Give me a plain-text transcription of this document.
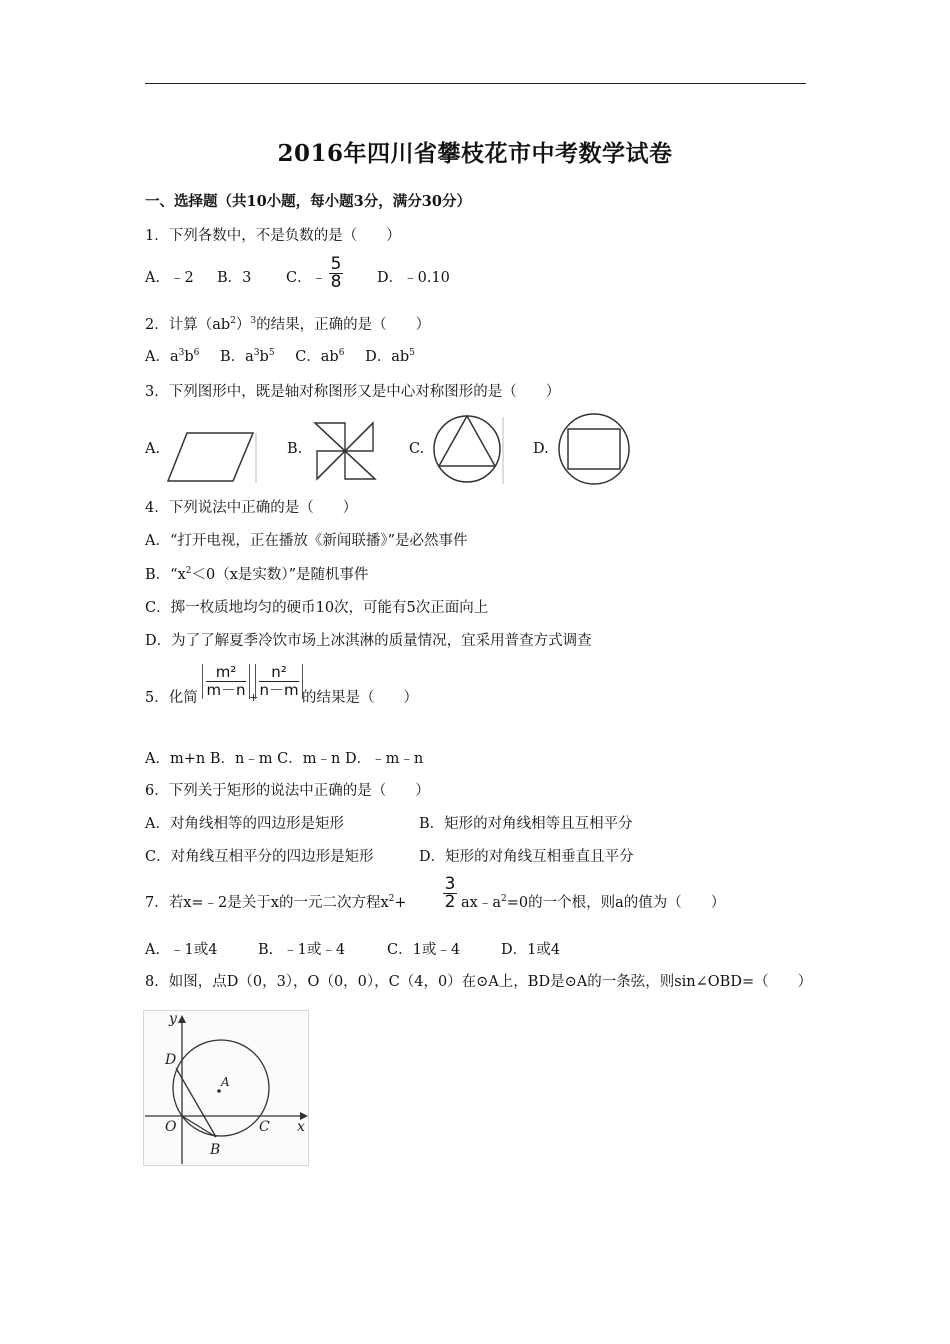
2016年四川省攀枝花市中考数学试卷
一、选择题（共10小题，每小题3分，满分30分）
1．下列各数中，不是负数的是（　　）
A．﹣2 B．3 C．﹣
5
8 D．﹣0.10
2．计算$(ab^2)^3$的结果，正确的是（　　）
A．$a^3b^6$ B．$a^3b^5$ C．$ab^6$ D．$ab^5$
3．下列图形中，既是轴对称图形又是中心对称图形的是（　　）
A.	B.	C.	D.
4．下列说法中正确的是（　　）
A．“打开电视，正在播放《新闻联播》”是必然事件
B．“$x^2<0(x$是实数）”是随机事件
C．掷一枚质地均匀的硬币10次，可能有5次正面向上
D．为了了解夏季冷饮市场上冰淇淋的质量情况，宜采用普查方式调查
5．化简
m²
m－n +
n²
n－m 的结果是（　　）
A．m+n B．n﹣m C．m﹣n D．﹣m﹣n
6．下列关于矩形的说法中正确的是（　　）
A．对角线相等的四边形是矩形	B．矩形的对角线相等且互相平分
C．对角线互相平分的四边形是矩形	D．矩形的对角线互相垂直且平分
7．若x=﹣2是关于x的一元二次方程$x^2+$
3
2 $ax﹣a^2=0$的一个根，则a的值为（　　）
A．﹣1或4	B．﹣1或﹣4	C．1或﹣4	D．1或4
8．如图，点D（0，3），O（0，0），C（4，0）在⊙A上，BD是⊙A的一条弦，则sin∠OBD=（　　）
y
x
D
O	C
B
A
